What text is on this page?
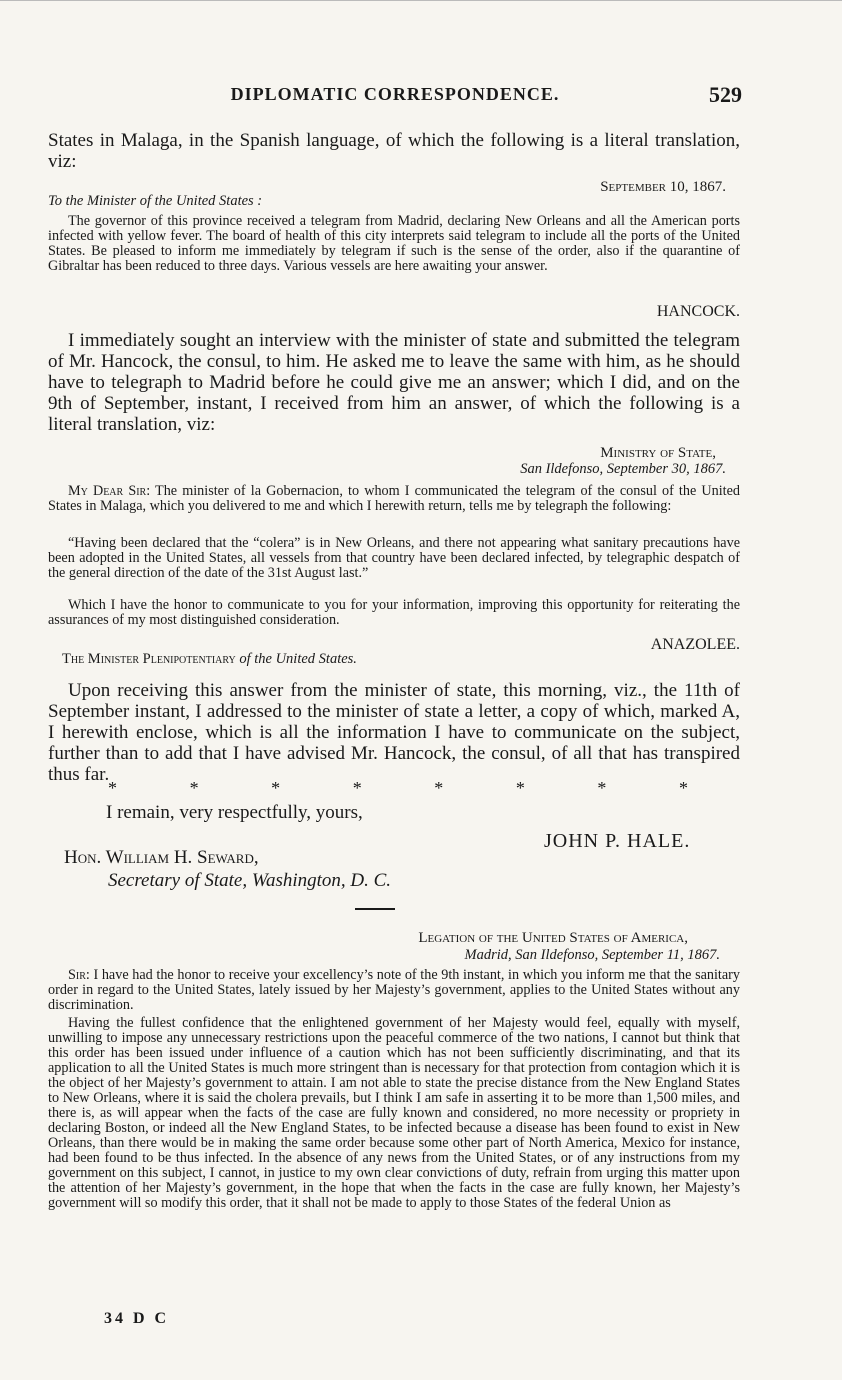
DIPLOMATIC CORRESPONDENCE.	529

States in Malaga, in the Spanish language, of which the following is a literal translation, viz:

September 10, 1867.

To the Minister of the United States :

The governor of this province received a telegram from Madrid, declaring New Orleans and all the American ports infected with yellow fever. The board of health of this city interprets said telegram to include all the ports of the United States. Be pleased to inform me immediately by telegram if such is the sense of the order, also if the quarantine of Gibraltar has been reduced to three days. Various vessels are here awaiting your answer.

HANCOCK.

I immediately sought an interview with the minister of state and submitted the telegram of Mr. Hancock, the consul, to him. He asked me to leave the same with him, as he should have to telegraph to Madrid before he could give me an answer; which I did, and on the 9th of September, instant, I received from him an answer, of which the following is a literal translation, viz:

Ministry of State,

San Ildefonso, September 30, 1867.

My Dear Sir: The minister of la Gobernacion, to whom I communicated the telegram of the consul of the United States in Malaga, which you delivered to me and which I herewith return, tells me by telegraph the following:

“Having been declared that the “colera” is in New Orleans, and there not appearing what sanitary precautions have been adopted in the United States, all vessels from that country have been declared infected, by telegraphic despatch of the general direction of the date of the 31st August last.”

Which I have the honor to communicate to you for your information, improving this opportunity for reiterating the assurances of my most distinguished consideration.

ANAZOLEE.

The Minister Plenipotentiary of the United States.

Upon receiving this answer from the minister of state, this morning, viz., the 11th of September instant, I addressed to the minister of state a letter, a copy of which, marked A, I herewith enclose, which is all the information I have to communicate on the subject, further than to add that I have advised Mr. Hancock, the consul, of all that has transpired thus far.

*	*	*	*	*	*	*	*

I remain, very respectfully, yours,

JOHN P. HALE.

Hon. William H. Seward,

Secretary of State, Washington, D. C.

Legation of the United States of America,

Madrid, San Ildefonso, September 11, 1867.

Sir: I have had the honor to receive your excellency’s note of the 9th instant, in which you inform me that the sanitary order in regard to the United States, lately issued by her Majesty’s government, applies to the United States without any discrimination.

Having the fullest confidence that the enlightened government of her Majesty would feel, equally with myself, unwilling to impose any unnecessary restrictions upon the peaceful commerce of the two nations, I cannot but think that this order has been issued under influence of a caution which has not been sufficiently discriminating, and that its application to all the United States is much more stringent than is necessary for that protection from contagion which it is the object of her Majesty’s government to attain. I am not able to state the precise distance from the New England States to New Orleans, where it is said the cholera prevails, but I think I am safe in asserting it to be more than 1,500 miles, and there is, as will appear when the facts of the case are fully known and considered, no more necessity or propriety in declaring Boston, or indeed all the New England States, to be infected because a disease has been found to exist in New Orleans, than there would be in making the same order because some other part of North America, Mexico for instance, had been found to be thus infected. In the absence of any news from the United States, or of any instructions from my government on this subject, I cannot, in justice to my own clear convictions of duty, refrain from urging this matter upon the attention of her Majesty’s government, in the hope that when the facts in the case are fully known, her Majesty’s government will so modify this order, that it shall not be made to apply to those States of the federal Union as

34 D C
